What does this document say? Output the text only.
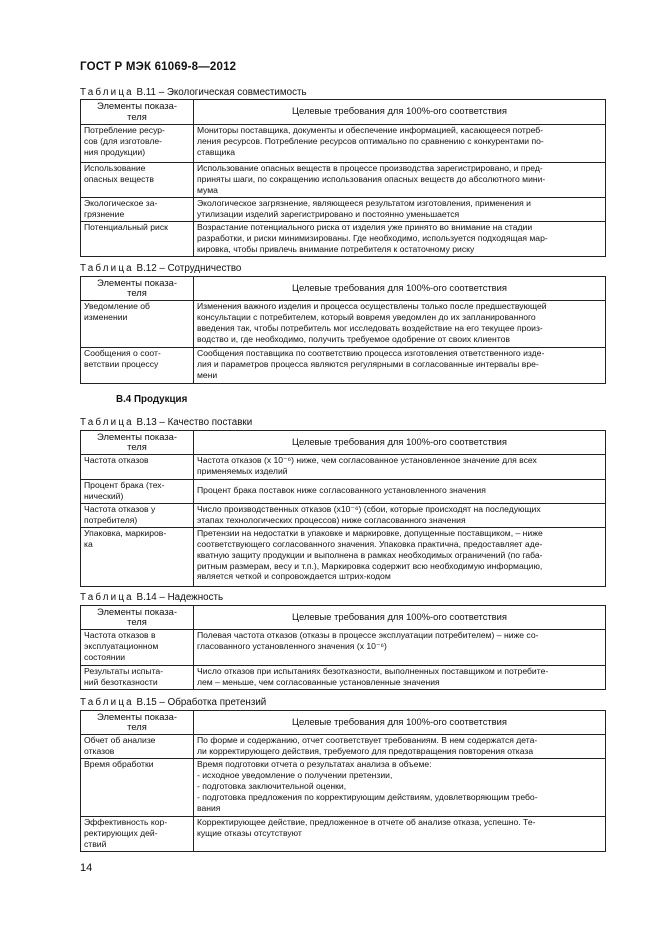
ГОСТ Р МЭК 61069-8—2012
Таблица В.11 – Экологическая совместимость
Элементы показа-
теля	Целевые требования для 100%-ого соответствия

Потребление ресур-
сов (для изготовле-
ния продукции)	Мониторы поставщика, документы и обеспечение информацией, касающееся потреб-
ления ресурсов. Потребление ресурсов оптимально по сравнению с конкурентами по-
ставщика

Использование
опасных веществ	Использование опасных веществ в процессе производства зарегистрировано, и пред-
приняты шаги, по сокращению использования опасных веществ до абсолютного мини-
мума

Экологическое за-
грязнение	Экологическое загрязнение, являющееся результатом изготовления, применения и
утилизации изделий зарегистрировано и постоянно уменьшается

Потенциальный риск	Возрастание потенциального риска от изделия уже принято во внимание на стадии
разработки, и риски минимизированы. Где необходимо, используется подходящая мар-
кировка, чтобы привлечь внимание потребителя к остаточному риску
Таблица В.12 – Сотрудничество
Элементы показа-
теля	Целевые требования для 100%-ого соответствия

Уведомление об
изменении	Изменения важного изделия и процесса осуществлены только после предшествующей
консультации с потребителем, который вовремя уведомлен до их запланированного
введения так, чтобы потребитель мог исследовать воздействие на его текущее произ-
водство и, где необходимо, получить требуемое одобрение от своих клиентов

Сообщения о соот-
ветствии процессу	Сообщения поставщика по соответствию процесса изготовления ответственного изде-
лия и параметров процесса являются регулярными в согласованные интервалы вре-
мени
В.4 Продукция
Таблица В.13 – Качество поставки
Элементы показа-
теля	Целевые требования для 100%-ого соответствия

Частота отказов	Частота отказов (x 10⁻⁶) ниже, чем согласованное установленное значение для всех
применяемых изделий

Процент брака (тех-
нический)	Процент брака поставок ниже согласованного установленного значения

Частота отказов у
потребителя)	Число производственных отказов (x10⁻⁶) (сбои, которые происходят на последующих
этапах технологических процессов) ниже согласованного значения

Упаковка, маркиров-
ка	Претензии на недостатки в упаковке и маркировке, допущенные поставщиком, – ниже
соответствующего согласованного значения. Упаковка практична, предоставляет аде-
кватную защиту продукции и выполнена в рамках необходимых ограничений (по габа-
ритным размерам, весу и т.п.), Маркировка содержит всю необходимую информацию,
является четкой и сопровождается штрих-кодом
Таблица В.14 – Надежность
Элементы показа-
теля	Целевые требования для 100%-ого соответствия

Частота отказов в
эксплуатационном
состоянии	Полевая частота отказов (отказы в процессе эксплуатации потребителем) – ниже со-
гласованного установленного значения (x 10⁻⁶)

Результаты испыта-
ний безотказности	Число отказов при испытаниях безотказности, выполненных поставщиком и потребите-
лем – меньше, чем согласованные установленные значения
Таблица В.15 – Обработка претензий
Элементы показа-
теля	Целевые требования для 100%-ого соответствия

Обчет об анализе
отказов	По форме и содержанию, отчет соответствует требованиям. В нем содержатся дета-
ли корректирующего действия, требуемого для предотвращения повторения отказа

Время обработки	Время подготовки отчета о результатах анализа в объеме:
- исходное уведомление о получении претензии,
- подготовка заключительной оценки,
- подготовка предложения по корректирующим действиям, удовлетворяющим требо-
вания

Эффективность кор-
ректирующих дей-
ствий	Корректирующее действие, предложенное в отчете об анализе отказа, успешно. Те-
кущие отказы отсутствуют
14
